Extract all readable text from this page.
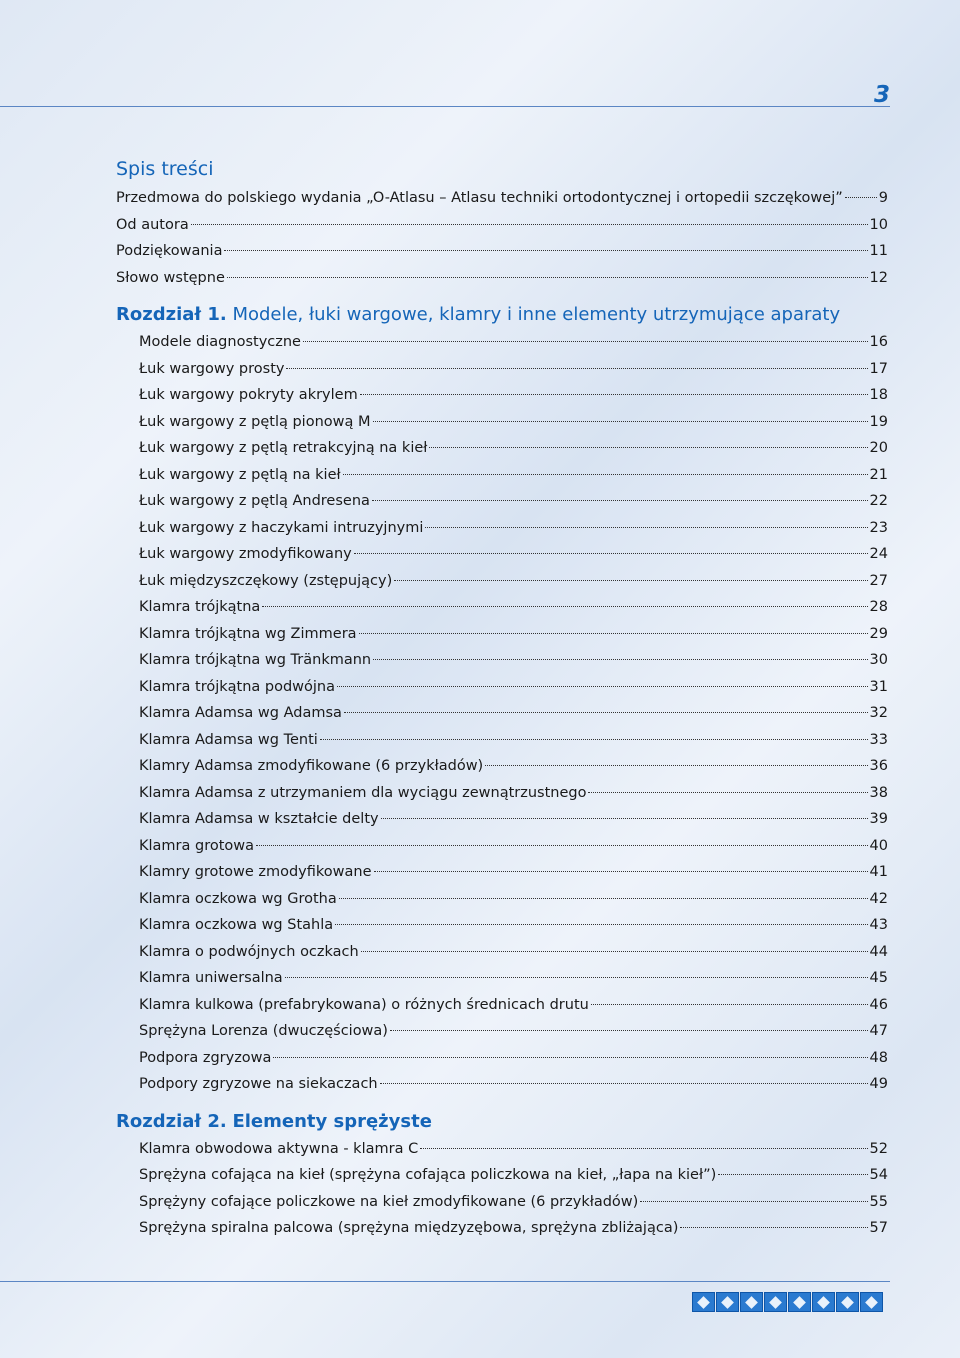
3
Spis treści
Przedmowa do polskiego wydania „O-Atlasu – Atlasu techniki ortodontycznej i ortopedii szczękowej” 9
Od autora	10
Podziękowania	11
Słowo wstępne	12
Rozdział 1. Modele, łuki wargowe, klamry i inne elementy utrzymujące aparaty
Modele diagnostyczne	16
Łuk wargowy prosty	17
Łuk wargowy pokryty akrylem	18
Łuk wargowy z pętlą pionową M	19
Łuk wargowy z pętlą retrakcyjną na kieł	20
Łuk wargowy z pętlą na kieł	21
Łuk wargowy z pętlą Andresena	22
Łuk wargowy z haczykami intruzyjnymi	23
Łuk wargowy zmodyfikowany	24
Łuk międzyszczękowy (zstępujący)	27
Klamra trójkątna	28
Klamra trójkątna wg Zimmera	29
Klamra trójkątna wg Tränkmann	30
Klamra trójkątna podwójna	31
Klamra Adamsa wg Adamsa	32
Klamra Adamsa wg Tenti	33
Klamry Adamsa zmodyfikowane (6 przykładów)	36
Klamra Adamsa z utrzymaniem dla wyciągu zewnątrzustnego	38
Klamra Adamsa w kształcie delty	39
Klamra grotowa	40
Klamry grotowe zmodyfikowane	41
Klamra oczkowa wg Grotha	42
Klamra oczkowa wg Stahla	43
Klamra o podwójnych oczkach	44
Klamra uniwersalna	45
Klamra kulkowa (prefabrykowana) o różnych średnicach drutu	46
Sprężyna Lorenza (dwuczęściowa)	47
Podpora zgryzowa	48
Podpory zgryzowe na siekaczach	49
Rozdział 2. Elementy sprężyste
Klamra obwodowa aktywna - klamra C	52
Sprężyna cofająca na kieł (sprężyna cofająca policzkowa na kieł, „łapa na kieł”)	54
Sprężyny cofające policzkowe na kieł zmodyfikowane (6 przykładów)	55
Sprężyna spiralna palcowa (sprężyna międzyzębowa, sprężyna zbliżająca)	57
